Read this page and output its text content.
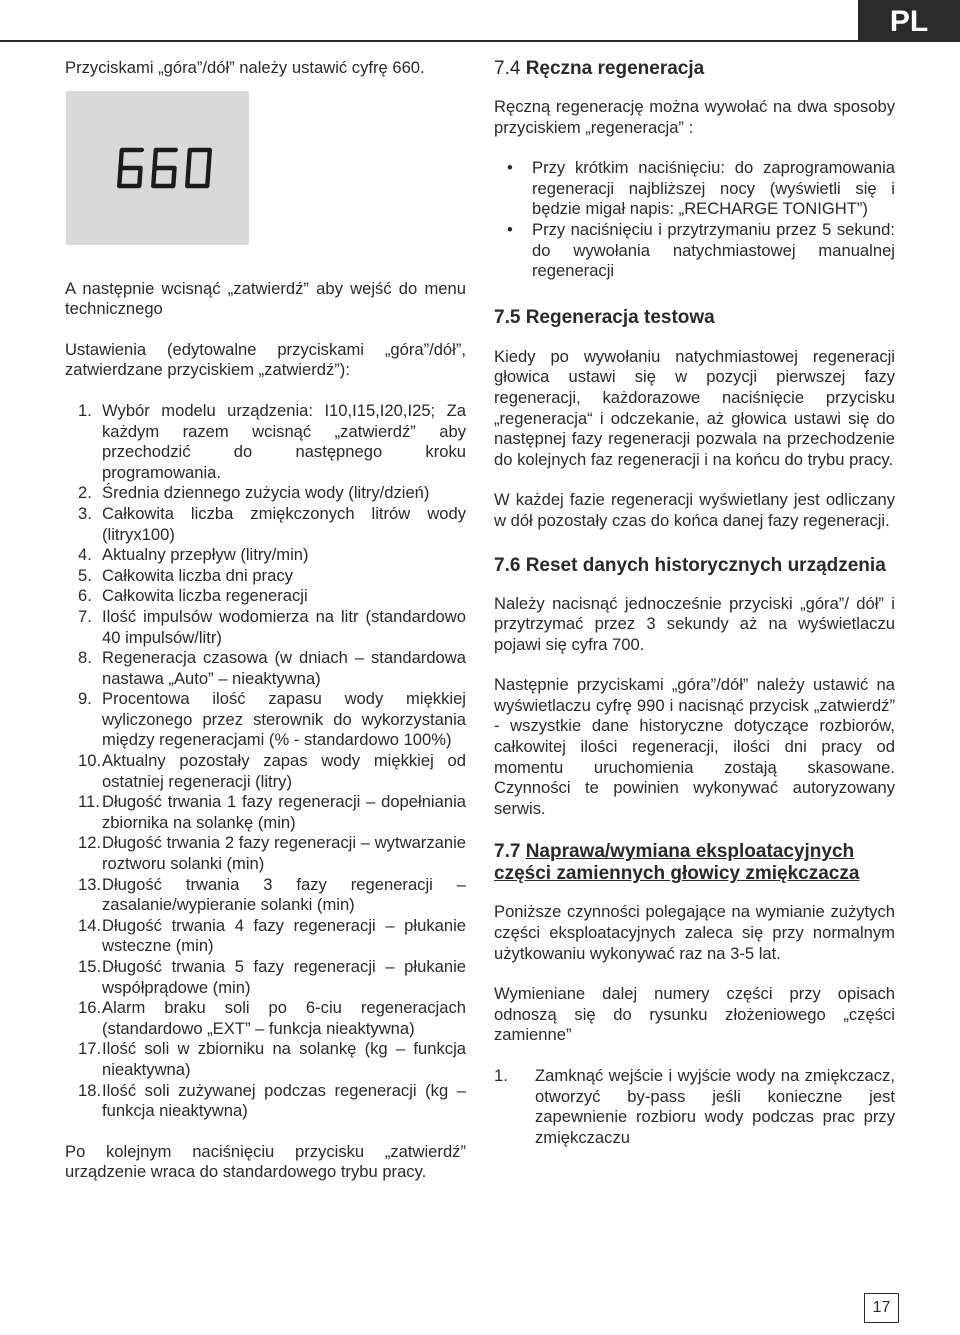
PL

Przyciskami „góra”/dół” należy ustawić cyfrę 660.

A następnie wcisnąć „zatwierdź” aby wejść do menu technicznego

Ustawienia (edytowalne przyciskami „góra”/dół”, zatwierdzane przyciskiem „zatwierdź”):

1. Wybór modelu urządzenia: I10,I15,I20,I25; Za każdym razem wcisnąć „zatwierdź” aby przechodzić do następnego kroku programowania.
2. Średnia dziennego zużycia wody (litry/dzień)
3. Całkowita liczba zmiękczonych litrów wody (litryx100)
4. Aktualny przepływ (litry/min)
5. Całkowita liczba dni pracy
6. Całkowita liczba regeneracji
7. Ilość impulsów wodomierza na litr (standardowo 40 impulsów/litr)
8. Regeneracja czasowa (w dniach – standardowa nastawa „Auto” – nieaktywna)
9. Procentowa ilość zapasu wody miękkiej wyliczonego przez sterownik do wykorzystania między regeneracjami (% - standardowo 100%)
10. Aktualny pozostały zapas wody miękkiej od ostatniej regeneracji (litry)
11. Długość trwania 1 fazy regeneracji – dopełniania zbiornika na solankę (min)
12. Długość trwania 2 fazy regeneracji – wytwarzanie roztworu solanki (min)
13. Długość trwania 3 fazy regeneracji – zasalanie/wypieranie solanki (min)
14. Długość trwania 4 fazy regeneracji – płukanie wsteczne (min)
15. Długość trwania 5 fazy regeneracji – płukanie współprądowe (min)
16. Alarm braku soli po 6-ciu regeneracjach (standardowo „EXT” – funkcja nieaktywna)
17. Ilość soli w zbiorniku na solankę (kg – funkcja nieaktywna)
18. Ilość soli zużywanej podczas regeneracji (kg – funkcja nieaktywna)

Po kolejnym naciśnięciu przycisku „zatwierdź” urządzenie wraca do standardowego trybu pracy.

7.4 Ręczna regeneracja

Ręczną regenerację można wywołać na dwa sposoby przyciskiem „regeneracja” :

• Przy krótkim naciśnięciu: do zaprogramowania regeneracji najbliższej nocy (wyświetli się i będzie migał napis: „RECHARGE TONIGHT”)
• Przy naciśnięciu i przytrzymaniu przez 5 sekund: do wywołania natychmiastowej manualnej regeneracji
7.5 Regeneracja testowa

Kiedy po wywołaniu natychmiastowej regeneracji głowica ustawi się w pozycji pierwszej fazy regeneracji, każdorazowe naciśnięcie przycisku „regeneracja“ i odczekanie, aż głowica ustawi się do następnej fazy regeneracji pozwala na przechodzenie do kolejnych faz regeneracji i na końcu do trybu pracy.

W każdej fazie regeneracji wyświetlany jest odliczany w dół pozostały czas do końca danej fazy regeneracji.

7.6 Reset danych historycznych urządzenia

Należy nacisnąć jednocześnie przyciski „góra”/ dół” i przytrzymać przez 3 sekundy aż na wyświetlaczu pojawi się cyfra 700.

Następnie przyciskami „góra”/dół” należy ustawić na wyświetlaczu cyfrę 990 i nacisnąć przycisk „zatwierdź” - wszystkie dane historyczne dotyczące rozbiorów, całkowitej ilości regeneracji, ilości dni pracy od momentu uruchomienia zostają skasowane. Czynności te powinien wykonywać autoryzowany serwis.

7.7 Naprawa/wymiana eksploatacyjnych części zamiennych głowicy zmiękczacza

Poniższe czynności polegające na wymianie zużytych części eksploatacyjnych zaleca się przy normalnym użytkowaniu wykonywać raz na 3-5 lat.

Wymieniane dalej numery części przy opisach odnoszą się do rysunku złożeniowego „części zamienne”

1. Zamknąć wejście i wyjście wody na zmiękczacz, otworzyć by-pass jeśli konieczne jest zapewnienie rozbioru wody podczas prac przy zmiękczaczu
17
